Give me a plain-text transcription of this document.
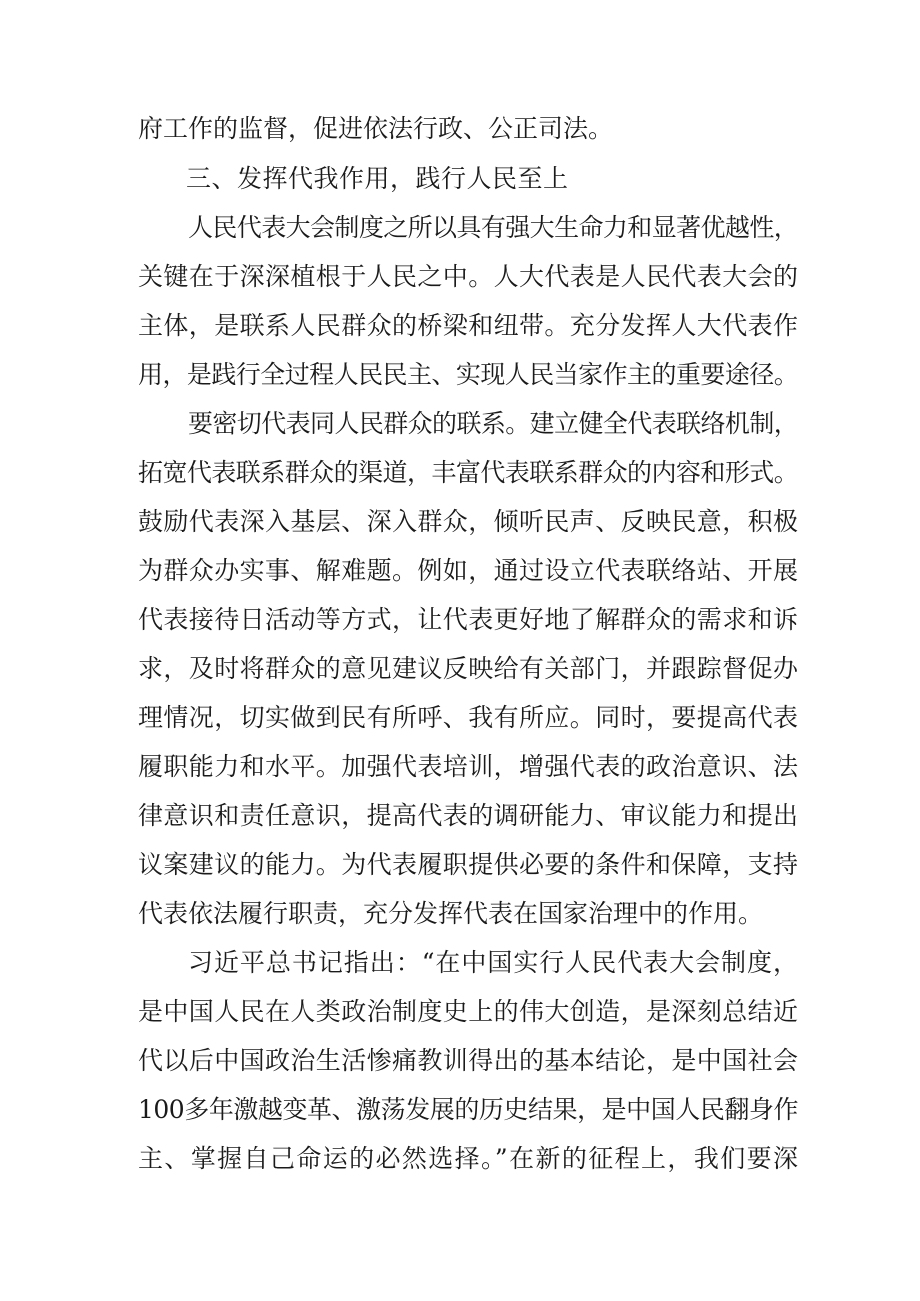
府工作的监督，促进依法行政、公正司法。
三、发挥代我作用，践行人民至上
人民代表大会制度之所以具有强大生命力和显著优越性，
关键在于深深植根于人民之中。人大代表是人民代表大会的
主体，是联系人民群众的桥梁和纽带。充分发挥人大代表作
用，是践行全过程人民民主、实现人民当家作主的重要途径。
要密切代表同人民群众的联系。建立健全代表联络机制，
拓宽代表联系群众的渠道，丰富代表联系群众的内容和形式。
鼓励代表深入基层、深入群众，倾听民声、反映民意，积极
为群众办实事、解难题。例如，通过设立代表联络站、开展
代表接待日活动等方式，让代表更好地了解群众的需求和诉
求，及时将群众的意见建议反映给有关部门，并跟踪督促办
理情况，切实做到民有所呼、我有所应。同时，要提高代表
履职能力和水平。加强代表培训，增强代表的政治意识、法
律意识和责任意识，提高代表的调研能力、审议能力和提出
议案建议的能力。为代表履职提供必要的条件和保障，支持
代表依法履行职责，充分发挥代表在国家治理中的作用。
习近平总书记指出：“在中国实行人民代表大会制度，
是中国人民在人类政治制度史上的伟大创造，是深刻总结近
代以后中国政治生活惨痛教训得出的基本结论，是中国社会
100多年激越变革、激荡发展的历史结果，是中国人民翻身作
主、掌握自己命运的必然选择。”在新的征程上，我们要深
